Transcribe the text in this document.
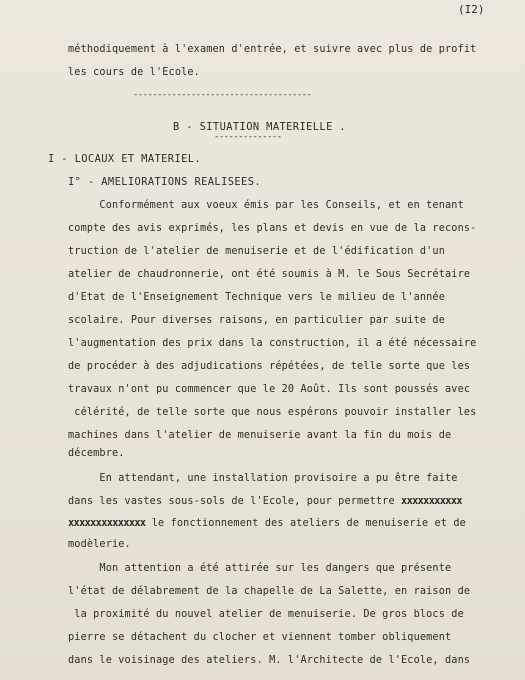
(I2)
méthodiquement à l'examen d'entrée, et suivre avec plus de profit
les cours de l'Ecole.
-------------------------------------
B - SITUATION MATERIELLE .
--------------
I - LOCAUX ET MATERIEL.
I° - AMELIORATIONS REALISEES.
Conformément aux voeux émis par les Conseils, et en tenant
compte des avis exprimés, les plans et devis en vue de la recons-
truction de l'atelier de menuiserie et de l'édification d'un
atelier de chaudronnerie, ont été soumis à M. le Sous Secrétaire
d'Etat de l'Enseignement Technique vers le milieu de l'année
scolaire. Pour diverses raisons, en particulier par suite de
l'augmentation des prix dans la construction, il a été nécessaire
de procéder à des adjudications répétées, de telle sorte que les
travaux n'ont pu commencer que le 20 Août. Ils sont poussés avec
célérité, de telle sorte que nous espérons pouvoir installer les
machines dans l'atelier de menuiserie avant la fin du mois de
décembre.
En attendant, une installation provisoire a pu être faite
dans les vastes sous-sols de l'Ecole, pour permettre xxxxxxxxxxx
xxxxxxxxxxxxxx le fonctionnement des ateliers de menuiserie et de
modèlerie.
Mon attention a été attirée sur les dangers que présente
l'état de délabrement de la chapelle de La Salette, en raison de
la proximité du nouvel atelier de menuiserie. De gros blocs de
pierre se détachent du clocher et viennent tomber obliquement
dans le voisinage des ateliers. M. l'Architecte de l'Ecole, dans
